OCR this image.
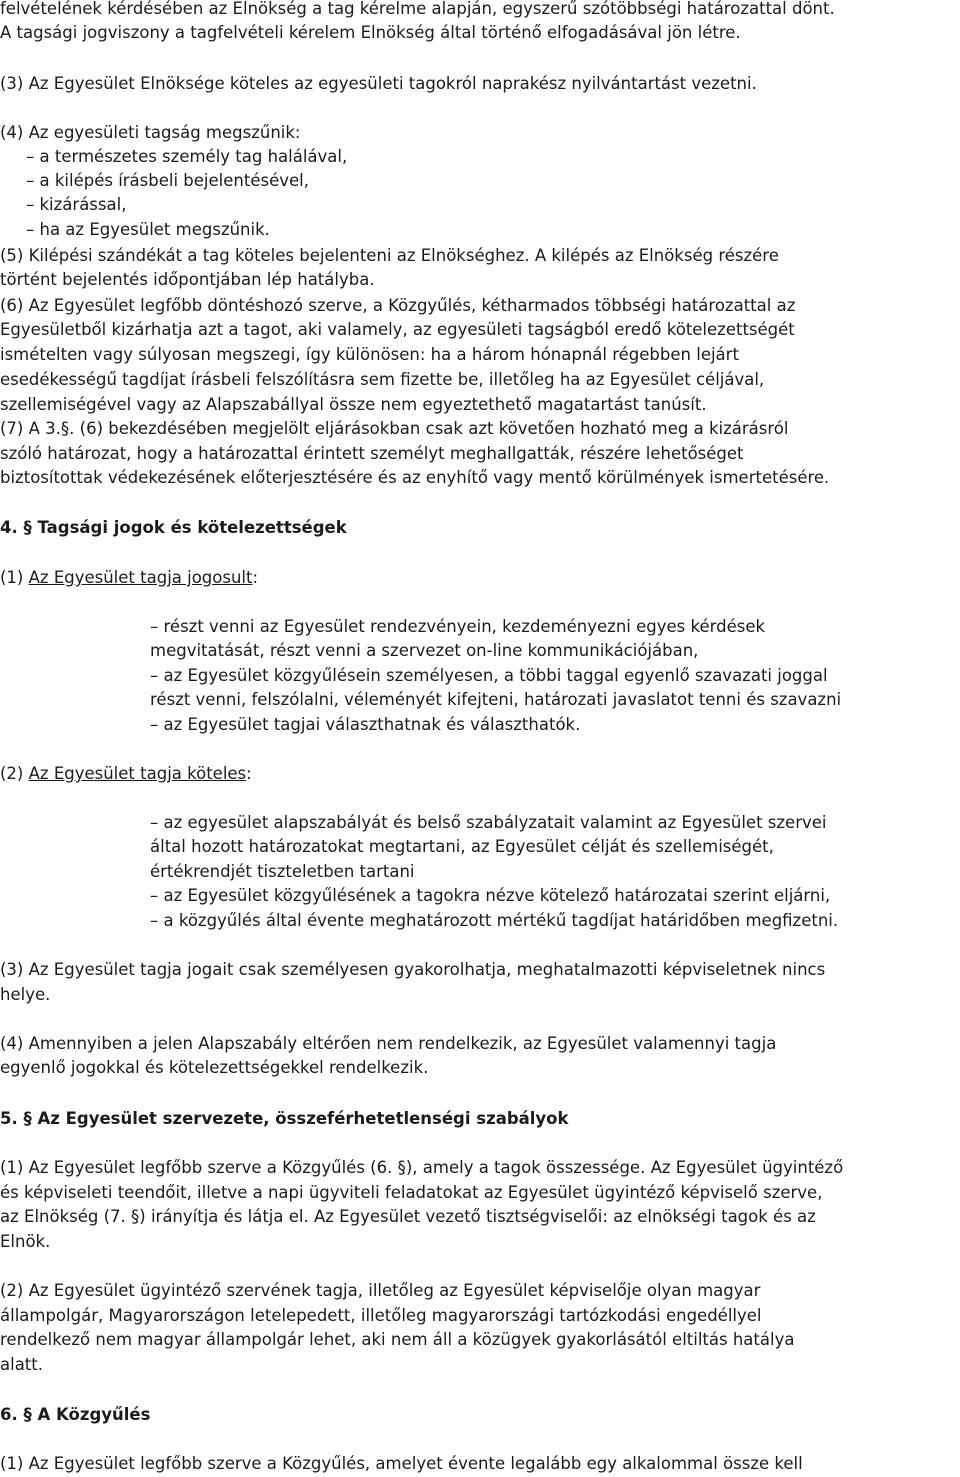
felvételének kérdésében az Elnökség a tag kérelme alapján, egyszerű szótöbbségi határozattal dönt.
A tagsági jogviszony a tagfelvételi kérelem Elnökség által történő elfogadásával jön létre.
(3) Az Egyesület Elnöksége köteles az egyesületi tagokról naprakész nyilvántartást vezetni.
(4) Az egyesületi tagság megszűnik:
– a természetes személy tag halálával,
– a kilépés írásbeli bejelentésével,
– kizárással,
– ha az Egyesület megszűnik.
(5) Kilépési szándékát a tag köteles bejelenteni az Elnökséghez. A kilépés az Elnökség részére
történt bejelentés időpontjában lép hatályba.
(6) Az Egyesület legfőbb döntéshozó szerve, a Közgyűlés, kétharmados többségi határozattal az
Egyesületből kizárhatja azt a tagot, aki valamely, az egyesületi tagságból eredő kötelezettségét
ismételten vagy súlyosan megszegi, így különösen: ha a három hónapnál régebben lejárt
esedékességű tagdíjat írásbeli felszólításra sem fizette be, illetőleg ha az Egyesület céljával,
szellemiségével vagy az Alapszabállyal össze nem egyeztethető magatartást tanúsít.
(7) A 3.§. (6) bekezdésében megjelölt eljárásokban csak azt követően hozható meg a kizárásról
szóló határozat, hogy a határozattal érintett személyt meghallgatták, részére lehetőséget
biztosítottak védekezésének előterjesztésére és az enyhítő vagy mentő körülmények ismertetésére.
4. § Tagsági jogok és kötelezettségek
(1) Az Egyesület tagja jogosult:
– részt venni az Egyesület rendezvényein, kezdeményezni egyes kérdések
megvitatását, részt venni a szervezet on-line kommunikációjában,
– az Egyesület közgyűlésein személyesen, a többi taggal egyenlő szavazati joggal
részt venni, felszólalni, véleményét kifejteni, határozati javaslatot tenni és szavazni
– az Egyesület tagjai választhatnak és választhatók.
(2) Az Egyesület tagja köteles:
– az egyesület alapszabályát és belső szabályzatait valamint az Egyesület szervei
által hozott határozatokat megtartani, az Egyesület célját és szellemiségét,
értékrendjét tiszteletben tartani
– az Egyesület közgyűlésének a tagokra nézve kötelező határozatai szerint eljárni,
– a közgyűlés által évente meghatározott mértékű tagdíjat határidőben megfizetni.
(3) Az Egyesület tagja jogait csak személyesen gyakorolhatja, meghatalmazotti képviseletnek nincs
helye.
(4) Amennyiben a jelen Alapszabály eltérően nem rendelkezik, az Egyesület valamennyi tagja
egyenlő jogokkal és kötelezettségekkel rendelkezik.
5. § Az Egyesület szervezete, összeférhetetlenségi szabályok
(1) Az Egyesület legfőbb szerve a Közgyűlés (6. §), amely a tagok összessége. Az Egyesület ügyintéző
és képviseleti teendőit, illetve a napi ügyviteli feladatokat az Egyesület ügyintéző képviselő szerve,
az Elnökség (7. §) irányítja és látja el. Az Egyesület vezető tisztségviselői: az elnökségi tagok és az
Elnök.
(2) Az Egyesület ügyintéző szervének tagja, illetőleg az Egyesület képviselője olyan magyar
állampolgár, Magyarországon letelepedett, illetőleg magyarországi tartózkodási engedéllyel
rendelkező nem magyar állampolgár lehet, aki nem áll a közügyek gyakorlásától eltiltás hatálya
alatt.
6. § A Közgyűlés
(1) Az Egyesület legfőbb szerve a Közgyűlés, amelyet évente legalább egy alkalommal össze kell
